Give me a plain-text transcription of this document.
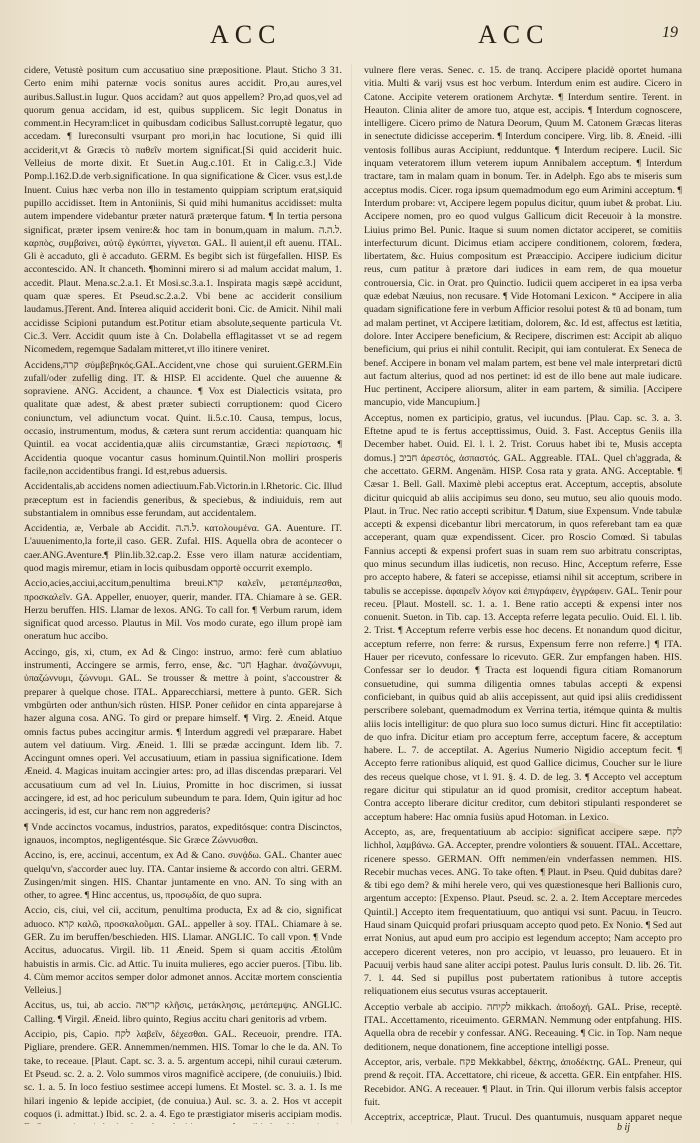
ACC	ACC	19

cidere, Vetustè positum cum accusatiuo sine præpositione. Plaut. Sticho 3 31. Certo enim mihi paternæ vocis sonitus aures accidit. Pro,au aures,vel auribus.Sallust.in Iugur. Quos accidam? aut quos appellem? Pro,ad quos,vel ad quorum genua accidam, id est, quibus supplicem. Sic legit Donatus in comment.in Hecyram:licet in quibusdam codicibus Sallust.corruptè legatur, quo accedam. ¶ Iureconsulti vsurpant pro mori,in hac locutione, Si quid illi acciderit,vt & Græcis τὸ παθεῖν mortem significat.[Si quid acciderit huic. Velleius de morte dixit. Et Suet.in Aug.c.101. Et in Calig.c.3.] Vide Pomp.l.162.D.de verb.significatione. In qua significatione & Cicer. vsus est,l.de Inuent. Cuius hæc verba non illo in testamento quippiam scriptum erat,siquid pupillo accidisset. Item in Antoniinis, Si quid mihi humanitus accidisset: multa autem impendere videbantur præter naturā præterque fatum. ¶ In tertia persona significat, præter ipsem venire:& hoc tam in bonum,quam in malum. ל.ה.ה. καρπὸς, συμβαίνει, αὐτῷ ἐγκύπτει, γίγνεται. GAL. Il auient,il eft auenu. ITAL. Gli è accaduto, gli è accaduto. GERM. Es begibt sich ist fürgefallen. HISP. Es accontescido. AN. It chanceth. ¶hominni mirero si ad malum accidat malum, 1. accedit. Plaut. Mena.sc.2.a.1. Et Mosi.sc.3.a.1. Inspirata magis sæpè accidunt, quam quæ speres. Et Pseud.sc.2.a.2. Vbi bene ac acciderit consilium laudamus.]Terent. And. Interea aliquid acciderit boni. Cic. de Amicit. Nihil mali accidisse Scipioni putandum est.Potitur etiam absolute,sequente particula Vt. Cic.3. Verr. Accidit quum iste à Cn. Dolabella efflagitasset vt se ad regem Nicomedem, regemque Sadalam mitteret,vt illo itinere veniret.

Accidens,קרה σύμβεβηκός.GAL.Accident,vne chose qui suruient.GERM.Ein zufall/oder zufellig ding. IT. & HISP. El accidente. Quel che auuenne & sopraviene. ANG. Accident, a chaunce. ¶ Vox est Dialecticis vsitata, pro qualitate quæ adest, & abest præter subiecti corruptionem: quod Cicero coniunctum, vel adiunctum vocat. Quint. li.5.c.10. Causa, tempus, locus, occasio, instrumentum, modus, & cætera sunt rerum accidentia: quanquam hic Quintil. ea vocat accidentia,quæ aliis circumstantiæ, Græci περίστασις. ¶ Accidentia quoque vocantur casus hominum.Quintil.Non molliri prosperis facile,non accidentibus frangi. Id est,rebus aduersis.

Accidentalis,ab accidens nomen adiectiuum.Fab.Victorin.in l.Rhetoric. Cic. Illud præceptum est in faciendis generibus, & speciebus, & indiuiduis, rem aut substantialem in omnibus esse ferundam, aut accidentalem.

Accidentia, æ, Verbale ab Accidit. ל.ה.ה. κατολουμένα. GA. Auenture. IT. L'auuenimento,la forte,il caso. GER. Zufal. HIS. Aquella obra de acontecer o caer.ANG.Aventure.¶ Plin.lib.32.cap.2. Esse vero illam naturæ accidentiam, quod magis miremur, etiam in locis quibusdam opportè occurrit exemplo.

Accio,acies,acciui,accitum,penultima breui.קרא καλεῖν, μεταπέμπεσθαι, προσκαλεῖν. GA. Appeller, enuoyer, querir, mander. ITA. Chiamare à se. GER. Herzu beruffen. HIS. Llamar de lexos. ANG. To call for. ¶ Verbum rarum, idem significat quod arcesso. Plautus in Mil. Vos modo curate, ego illum propè iam oneratum huc accibo.

Accingo, gis, xi, ctum, ex Ad & Cingo: instruo, armo: ferè cum ablatiuo instrumenti, Accingere se armis, ferro, ense, &c. חגר Ḥaghar. ἀναζώννυμι, ὑπαζώννυμι, ζώννυμι. GAL. Se trousser & mettre à point, s'accoustrer & preparer à quelque chose. ITAL. Apparecchiarsi, mettere à punto. GER. Sich vmbgürten oder anthun/sich rüsten. HISP. Poner ceñidor en cinta apparejarse à hazer alguna cosa. ANG. To gird or prepare himself. ¶ Virg. 2. Æneid. Atque omnis factus pubes accingitur armis. ¶ Interdum aggredi vel præparare. Habet autem vel datiuum. Virg. Æneid. 1. Illi se prædæ accingunt. Idem lib. 7. Accingunt omnes operi. Vel accusatiuum, etiam in passiua significatione. Idem Æneid. 4. Magicas inuitam accingier artes: pro, ad illas discendas præparari. Vel accusatiuum cum ad vel In. Liuius, Promitte in hoc discrimen, si iussat accingere, id est, ad hoc periculum subeundum te para. Idem, Quin igitur ad hoc accingeris, id est, cur hanc rem non aggrederis?

¶ Vnde accinctos vocamus, industrios, paratos, expeditósque: contra Discinctos, ignauos, incomptos, negligentésque. Sic Græce Ζώννυσθαι.

Accino, is, ere, accinui, accentum, ex Ad & Cano. συνᾴδω. GAL. Chanter auec quelqu'vn, s'accorder auec luy. ITA. Cantar insieme & accordo con altri. GERM. Zusingen/mit singen. HIS. Chantar juntamente en vno. AN. To sing with an other, to agree. ¶ Hinc accentus, us, προσῳδία, de quo supra.

Accio, cis, ciui, vel cii, accitum, penultima producta, Ex ad & cio, significat aduoco. קרא καλῶ, προσκαλοῦμαι. GAL. appeller à soy. ITAL. Chiamare à se. GER. Zu im beruffen/beschieden. HIS. Llamar. ANGLIC. To call vpon. ¶ Vnde Accitus, aduocatus. Virgil. lib. 11 Æneid. Spem si quam accitis Ætolûm habuistis in armis. Cic. ad Attic. Tu inuita mulieres, ego accier pueros. [Tibu. lib. 4. Cùm memor accitos semper dolor admonet annos. Accitæ mortem conscientia Velleius.]

Accitus, us, tui, ab accio. קריאה κλῆσις, μετάκλησις, μετάπεμψις. ANGLIC. Calling. ¶ Virgil. Æneid. libro quinto, Regius accitu chari genitoris ad vrbem.

Accipio, pis, Capio. לקח λαβεῖν, δέχεσθαι. GAL. Receuoir, prendre. ITA. Pigliare, prendere. GER. Annemmen/nemmen. HIS. Tomar lo che le da. AN. To take, to receaue. [Plaut. Capt. sc. 3. a. 5. argentum accepi, nihil curaui cæterum. Et Pseud. sc. 2. a. 2. Volo summos viros magnificè accipere, (de conuiuiis.) Ibid. sc. 1. a. 5. In loco festiuo sestimee accepi lumens. Et Mostel. sc. 3. a. 1. Is me hilari ingenio & lepide accipiet, (de conuiua.) Aul. sc. 3. a. 2. Hos vt accepit coquos (i. admittat.) Ibid. sc. 2. a. 4. Ego te præstigiator miseris accipiam modis.

vulnere flere veras. Senec. c. 15. de tranq. Accipere placidè oportet humana vitia. Multi & varij vsus est hoc verbum. Interdum enim est audire. Cicero in Catone. Accipite veterem orationem Archytæ. ¶ Interdum sentire. Terent. in Heauton. Clinia aliter de amore tuo, atque est, accipis. ¶ Interdum cognoscere, intelligere. Cicero primo de Natura Deorum, Quum M. Catonem Græcas literas in senectute didicisse acceperim. ¶ Interdum concipere. Virg. lib. 8. Æneid. -illi ventosis follibus auras Accipiunt, redduntque. ¶ Interdum recipere. Lucil. Sic inquam veteratorem illum veterem iupum Annibalem acceptum. ¶ Interdum tractare, tam in malam quam in bonum. Ter. in Adelph. Ego abs te miseris sum acceptus modis. Cicer. roga ipsum quemadmodum ego eum Arimini acceptum. ¶ Interdum probare: vt, Accipere legem populus dicitur, quum iubet & probat. Liu. Accipere nomen, pro eo quod vulgus Gallicum dicit Receuoir à la monstre. Liuius primo Bel. Punic. Itaque si suum nomen dictator acciperet, se comitiis interfecturum dicunt. Dicimus etiam accipere conditionem, colorem, fœdera, libertatem, &c. Huius compositum est Præaccipio. Accipere iudicium dicitur reus, cum patitur à prætore dari iudices in eam rem, de qua mouetur controuersia, Cic. in Orat. pro Quinctio. Iudicii quem acciperet in ea ipsa verba quæ edebat Næuius, non recusare. ¶ Vide Hotomani Lexicon. * Accipere in alia quadam significatione fere in verbum Afficior resolui potest & tū ad bonam, tum ad malam pertinet, vt Accipere lætitiam, dolorem, &c. Id est, affectus est lætitia, dolore. Inter Accipere beneficium, & Recipere, discrimen est: Accipit ab aliquo beneficium, qui prius ei nihil contulit. Recipit, qui iam contulerat. Ex Seneca de benef. Accipere in bonam vel malam partem, est bene vel male interpretari dictū aut factum alterius, quod ad nos pertinet: id est de illo bene aut male iudicare. Huc pertinent, Accipere aliorsum, aliter in eam partem, & similia. [Accipere mancupio, vide Mancupium.]

Acceptus, nomen ex participio, gratus, vel iucundus. [Plau. Cap. sc. 3. a. 3. Eftetne apud te is fertus accepttissimus, Ouid. 3. Fast. Acceptus Geniis illa December habet. Ouid. El. l. l. 2. Trist. Coruus habet ibi te, Musis accepta domus.] חביב ἀρεστός, ἀσπαστός. GAL. Aggreable. ITAL. Quel ch'aggrada, & che accettato. GERM. Angenäm. HISP. Cosa rata y grata. ANG. Acceptable. ¶ Cæsar 1. Bell. Gall. Maximè plebi acceptus erat. Acceptum, acceptis, absolute dicitur quicquid ab aliis accipimus seu dono, seu mutuo, seu alio quouis modo. Plaut. in Truc. Nec ratio accepti scribitur. ¶ Datum, siue Expensum. Vnde tabulæ accepti & expensi dicebantur libri mercatorum, in quos referebant tam ea quæ acceperant, quam quæ expendissent. Cicer. pro Roscio Comœd. Si tabulas Fannius accepti & expensi profert suas in suam rem suo arbitratu conscriptas, quo minus secundum illas iudicetis, non recuso. Hinc, Acceptum referre, Esse pro accepto habere, & fateri se accepisse, etiamsi nihil sit acceptum, scribere in tabulis se accepisse. ἀφαιρεῖν λόγον καὶ ἐπιγράφειν, ἐγγράφειν. GAL. Tenir pour receu. [Plaut. Mostell. sc. 1. a. 1. Bene ratio accepti & expensi inter nos conuenit. Sueton. in Tib. cap. 13. Accepta referre legata peculio. Ouid. El. l. lib. 2. Trist. ¶ Acceptum referre verbis esse hoc decens. Et nonandum quod dicitur, acceptum referre, non ferre: & rursus, Expensum ferre non referre.] ¶ ITA. Hauer per ricevuto, confessare lo ricevuto. GER. Zur empfangen haben. HIS. Confessar ser lo deudor. ¶ Tracta est loquendi figura citiam Romanorum consuetudine, qui summa diligentia omnes tabulas accepti & expensi conficiebant, in quibus quid ab aliis accepissent, aut quid ipsi aliis credidissent perscribere solebant, quemadmodum ex Verrina tertia, itémque quinta & multis aliis locis intelligitur: de quo plura suo loco sumus dicturi. Hinc fit acceptilatio: de quo infra. Dicitur etiam pro acceptum ferre, acceptum facere, & acceptum habere. L. 7. de acceptilat. A. Agerius Numerio Nigidio acceptum fecit. ¶ Accepto ferre rationibus aliquid, est quod Gallice dicimus, Coucher sur le liure des receus quelque chose, vt l. 91. §. 4. D. de leg. 3. ¶ Accepto vel acceptum regare dicitur qui stipulatur an id quod promisit, creditor acceptum habeat. Contra accepto liberare dicitur creditor, cum debitori stipulanti responderet se acceptum habere: Hac omnia fusiùs apud Hotoman. in Lexico.

Accepto, as, are, frequentatiuum ab accipio: significat accipere sæpe. לקח lichhol, λαμβάνω. GA. Accepter, prendre volontiers & souuent. ITAL. Accettare, ricenere spesso. GERMAN. Offt nemmen/ein vnderfassen nemmen. HIS. Recebir muchas veces. ANG. To take often. ¶ Plaut. in Pseu. Quid dubitas dare? & tibi ego dem? & mihi herele vero, qui ves quæstionesque heri Ballionis curo, argentum accepto: [Expenso. Plaut. Pseud. sc. 2. a. 2. Item Acceptare mercedes Quintil.] Accepto item frequentatiuum, quo antiqui vsi sunt. Pacuu. in Teucro. Haud sinam Quicquid profari priusquam accepto quod peto. Ex Nonio. ¶ Sed aut errat Nonius, aut apud eum pro accipio est legendum accepto; Nam accepto pro accepero dicerent veteres, non pro accipio, vt leuasso, pro leuauero. Et in Pacuuij verbis haud sane aliter accipi potest. Paulus Iuris consult. D. lib. 26. Tit. 7. l. 44. Sed si pupillus post pubertatem rationibus à tutore acceptis reliquationem eius secutus vsuras acceptauerit.

Acceptio verbale ab accipio. לקיחה mikkach. ἀποδοχή. GAL. Prise, receptè. ITAL. Accettamento, riceuimento. GERMAN. Nemmung oder entpfahung. HIS. Aquella obra de recebir y confessar. ANG. Receauing. ¶ Cic. in Top. Nam neque deditionem, neque donationem, fine acceptione intelligi posse.

Acceptor, aris, verbale. פקח Mekkabbel, δέκτης, ἀποδέκτης. GAL. Preneur, qui prend & reçoit. ITA. Accettatore, chi riceue, & accetta. GER. Ein entpfaher. HIS. Recebidor. ANG. A receauer. ¶ Plaut. in Trin. Qui illorum verbis falsis acceptor fuit.

Acceptrix, acceptricæ, Plaut. Trucul. Des quantumuis, nusquam apparet neque

b ij
